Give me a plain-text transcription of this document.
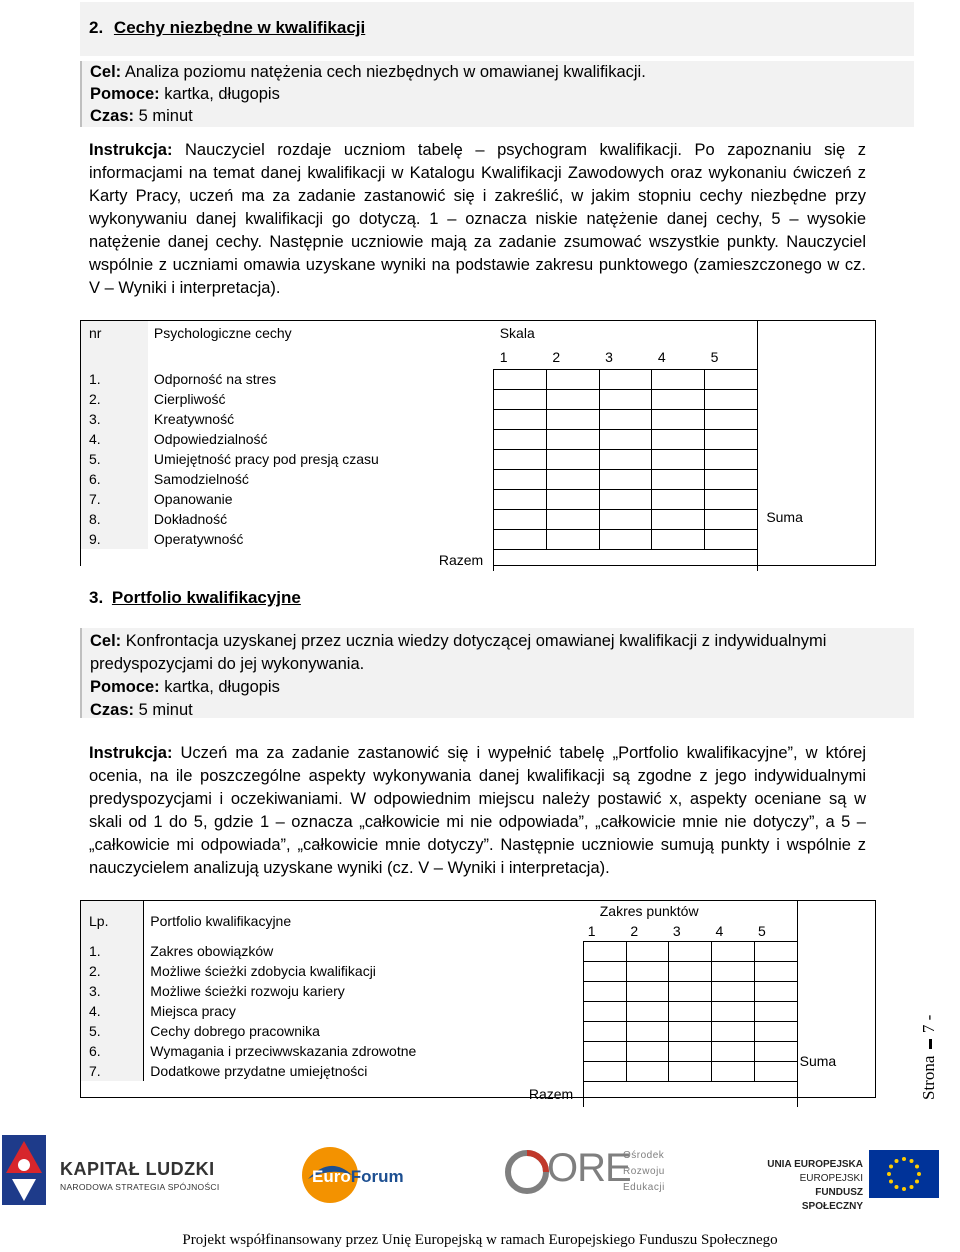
2. Cechy niezbędne w kwalifikacji
Cel: Analiza poziomu natężenia cech niezbędnych w omawianej kwalifikacji.
Pomoce: kartka, długopis
Czas: 5 minut
Instrukcja: Nauczyciel rozdaje uczniom tabelę – psychogram kwalifikacji. Po zapoznaniu się z informacjami na temat danej kwalifikacji w Katalogu Kwalifikacji Zawodowych oraz wykonaniu ćwiczeń z Karty Pracy, uczeń ma za zadanie zastanowić się i zakreślić, w jakim stopniu cechy niezbędne przy wykonywaniu danej kwalifikacji go dotyczą. 1 – oznacza niskie natężenie danej cechy, 5 – wysokie natężenie danej cechy. Następnie uczniowie mają za zadanie zsumować wszystkie punkty. Nauczyciel wspólnie z uczniami omawia uzyskane wyniki na podstawie zakresu punktowego (zamieszczonego w cz. V – Wyniki i interpretacja).
nr	Psychologiczne cechy	Skala					Suma

		1	2	3	4	5	
1.	Odporność na stres						
2.	Cierpliwość						
3.	Kreatywność						
4.	Odpowiedzialność						
5.	Umiejętność pracy pod presją czasu						
6.	Samodzielność						
7.	Opanowanie						
8.	Dokładność						
9.	Operatywność						
Razem							
3. Portfolio kwalifikacyjne
Cel: Konfrontacja uzyskanej przez ucznia wiedzy dotyczącej omawianej kwalifikacji z indywidualnymi predyspozycjami do jej wykonywania.
Pomoce: kartka, długopis
Czas: 5 minut
Instrukcja: Uczeń ma za zadanie zastanowić się i wypełnić tabelę „Portfolio kwalifikacyjne”, w której ocenia, na ile poszczególne aspekty wykonywania danej kwalifikacji są zgodne z jego indywidualnymi predyspozycjami i oczekiwaniami. W odpowiednim miejscu należy postawić x, aspekty oceniane są w skali od 1 do 5, gdzie 1 – oznacza „całkowicie mi nie odpowiada”, „całkowicie mnie nie dotyczy”, a 5 – „całkowicie mi odpowiada”, „całkowicie mnie dotyczy”. Następnie uczniowie sumują punkty i wspólnie z nauczycielem analizują uzyskane wyniki (cz. V – Wyniki i interpretacja).
Lp.	Portfolio kwalifikacyjne	Zakres punktów					Suma

		1	2	3	4	5	
1.	Zakres obowiązków						
2.	Możliwe ścieżki zdobycia kwalifikacji						
3.	Możliwe ścieżki rozwoju kariery						
4.	Miejsca pracy						
5.	Cechy dobrego pracownika						
6.	Wymagania i przeciwwskazania zdrowotne						
7.	Dodatkowe przydatne umiejętności						
Razem								Strona  7 -
KAPITAŁ LUDZKI
NARODOWA STRATEGIA SPÓJNOŚCI
EuroForum	ORE
Ośrodek
Rozwoju
Edukacji
UNIA EUROPEJSKA
EUROPEJSKI
FUNDUSZ SPOŁECZNY
Projekt współfinansowany przez Unię Europejską w ramach Europejskiego Funduszu Społecznego
